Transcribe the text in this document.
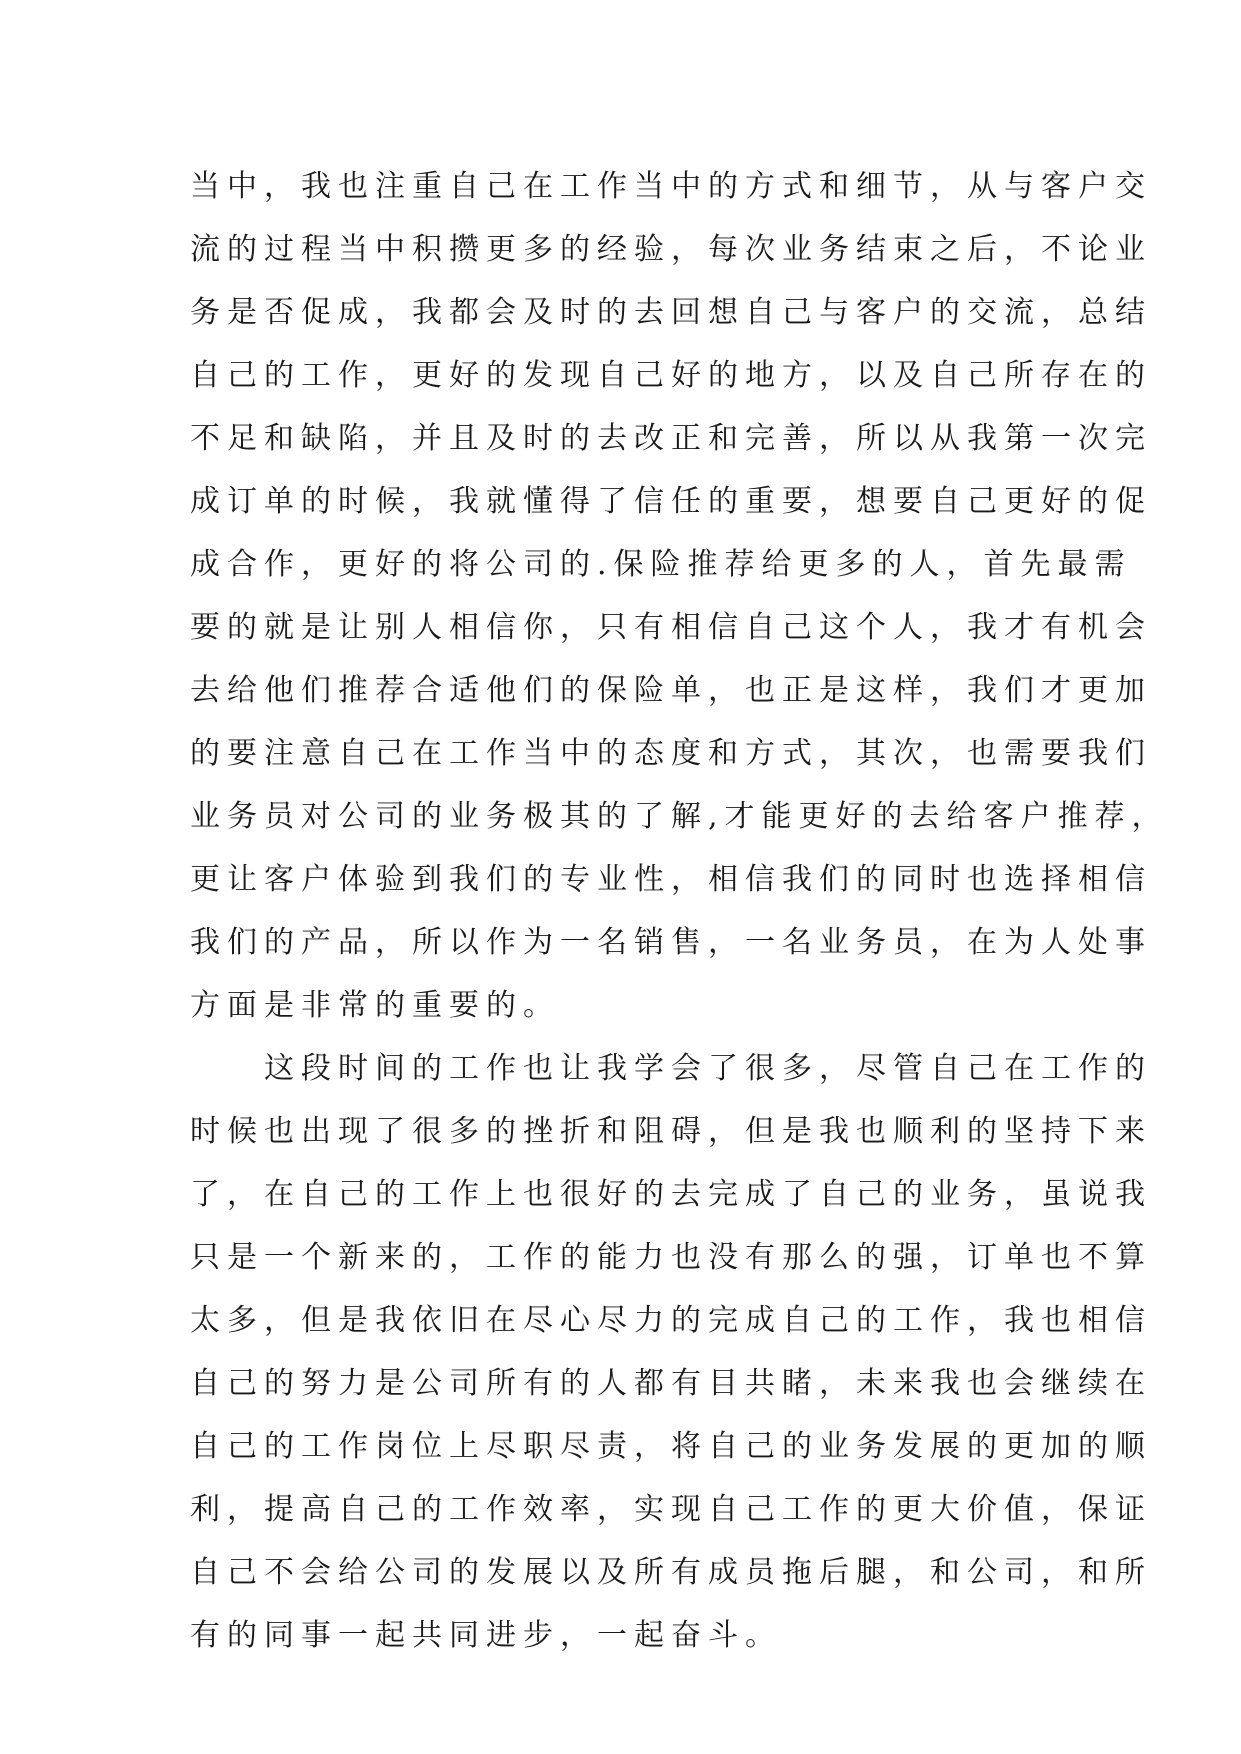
当中，我也注重自己在工作当中的方式和细节，从与客户交
流的过程当中积攒更多的经验，每次业务结束之后，不论业
务是否促成，我都会及时的去回想自己与客户的交流，总结
自己的工作，更好的发现自己好的地方，以及自己所存在的
不足和缺陷，并且及时的去改正和完善，所以从我第一次完
成订单的时候，我就懂得了信任的重要，想要自己更好的促
成合作，更好的将公司的.保险推荐给更多的人，首先最需
要的就是让别人相信你，只有相信自己这个人，我才有机会
去给他们推荐合适他们的保险单，也正是这样，我们才更加
的要注意自己在工作当中的态度和方式，其次，也需要我们
业务员对公司的业务极其的了解,才能更好的去给客户推荐，
更让客户体验到我们的专业性，相信我们的同时也选择相信
我们的产品，所以作为一名销售，一名业务员，在为人处事
方面是非常的重要的。
　　这段时间的工作也让我学会了很多，尽管自己在工作的
时候也出现了很多的挫折和阻碍，但是我也顺利的坚持下来
了，在自己的工作上也很好的去完成了自己的业务，虽说我
只是一个新来的，工作的能力也没有那么的强，订单也不算
太多，但是我依旧在尽心尽力的完成自己的工作，我也相信
自己的努力是公司所有的人都有目共睹，未来我也会继续在
自己的工作岗位上尽职尽责，将自己的业务发展的更加的顺
利，提高自己的工作效率，实现自己工作的更大价值，保证
自己不会给公司的发展以及所有成员拖后腿，和公司，和所
有的同事一起共同进步，一起奋斗。
